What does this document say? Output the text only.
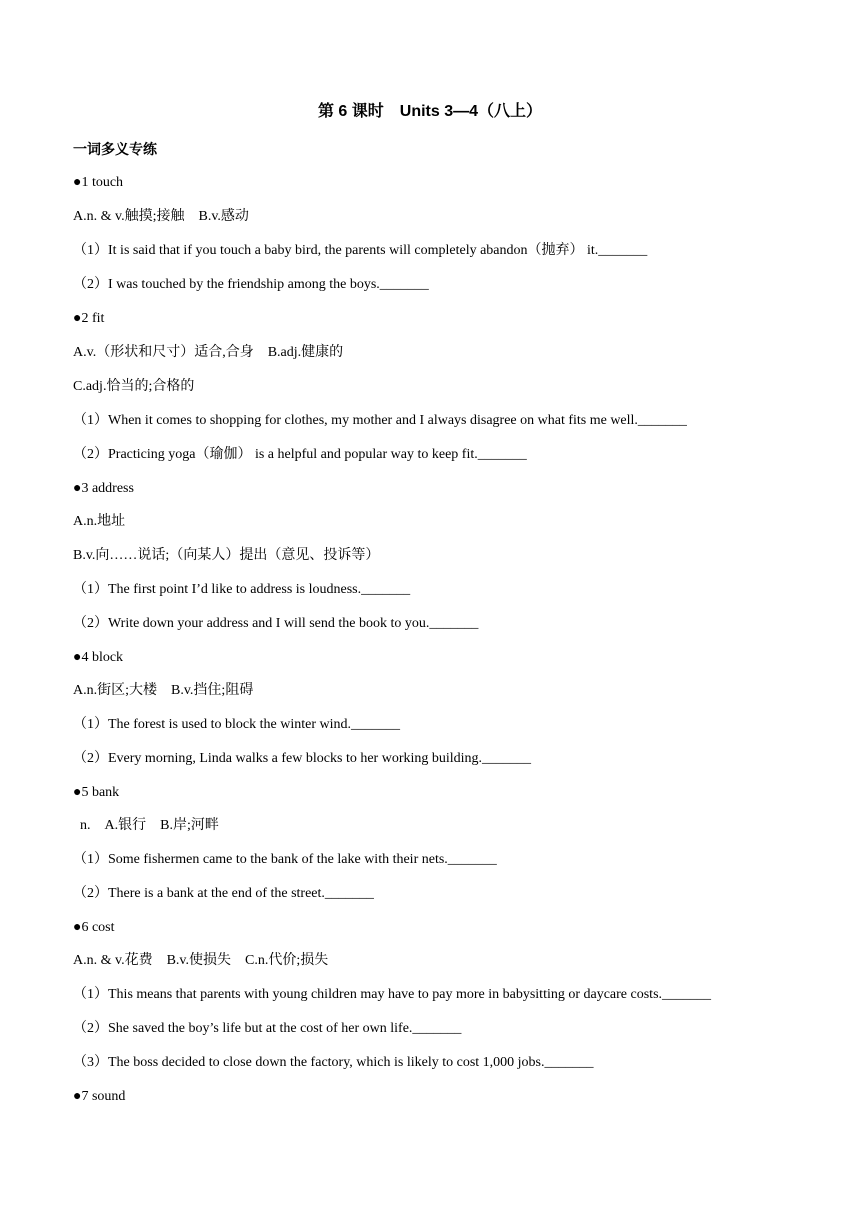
第 6 课时　Units 3—4（八上）
一词多义专练
●1 touch
A.n. & v.触摸;接触　B.v.感动
（1）It is said that if you touch a baby bird, the parents will completely abandon（抛弃） it._______
（2）I was touched by the friendship among the boys._______
●2 fit
A.v.（形状和尺寸）适合,合身　B.adj.健康的
C.adj.恰当的;合格的
（1）When it comes to shopping for clothes, my mother and I always disagree on what fits me well._______
（2）Practicing yoga（瑜伽） is a helpful and popular way to keep fit._______
●3 address
A.n.地址
B.v.向……说话;（向某人）提出（意见、投诉等）
（1）The first point I’d like to address is loudness._______
（2）Write down your address and I will send the book to you._______
●4 block
A.n.街区;大楼　B.v.挡住;阻碍
（1）The forest is used to block the winter wind._______
（2）Every morning, Linda walks a few blocks to her working building._______
●5 bank
n.　A.银行　B.岸;河畔
（1）Some fishermen came to the bank of the lake with their nets._______
（2）There is a bank at the end of the street._______
●6 cost
A.n. & v.花费　B.v.使损失　C.n.代价;损失
（1）This means that parents with young children may have to pay more in babysitting or daycare costs._______
（2）She saved the boy’s life but at the cost of her own life._______
（3）The boss decided to close down the factory, which is likely to cost 1,000 jobs._______
●7 sound
